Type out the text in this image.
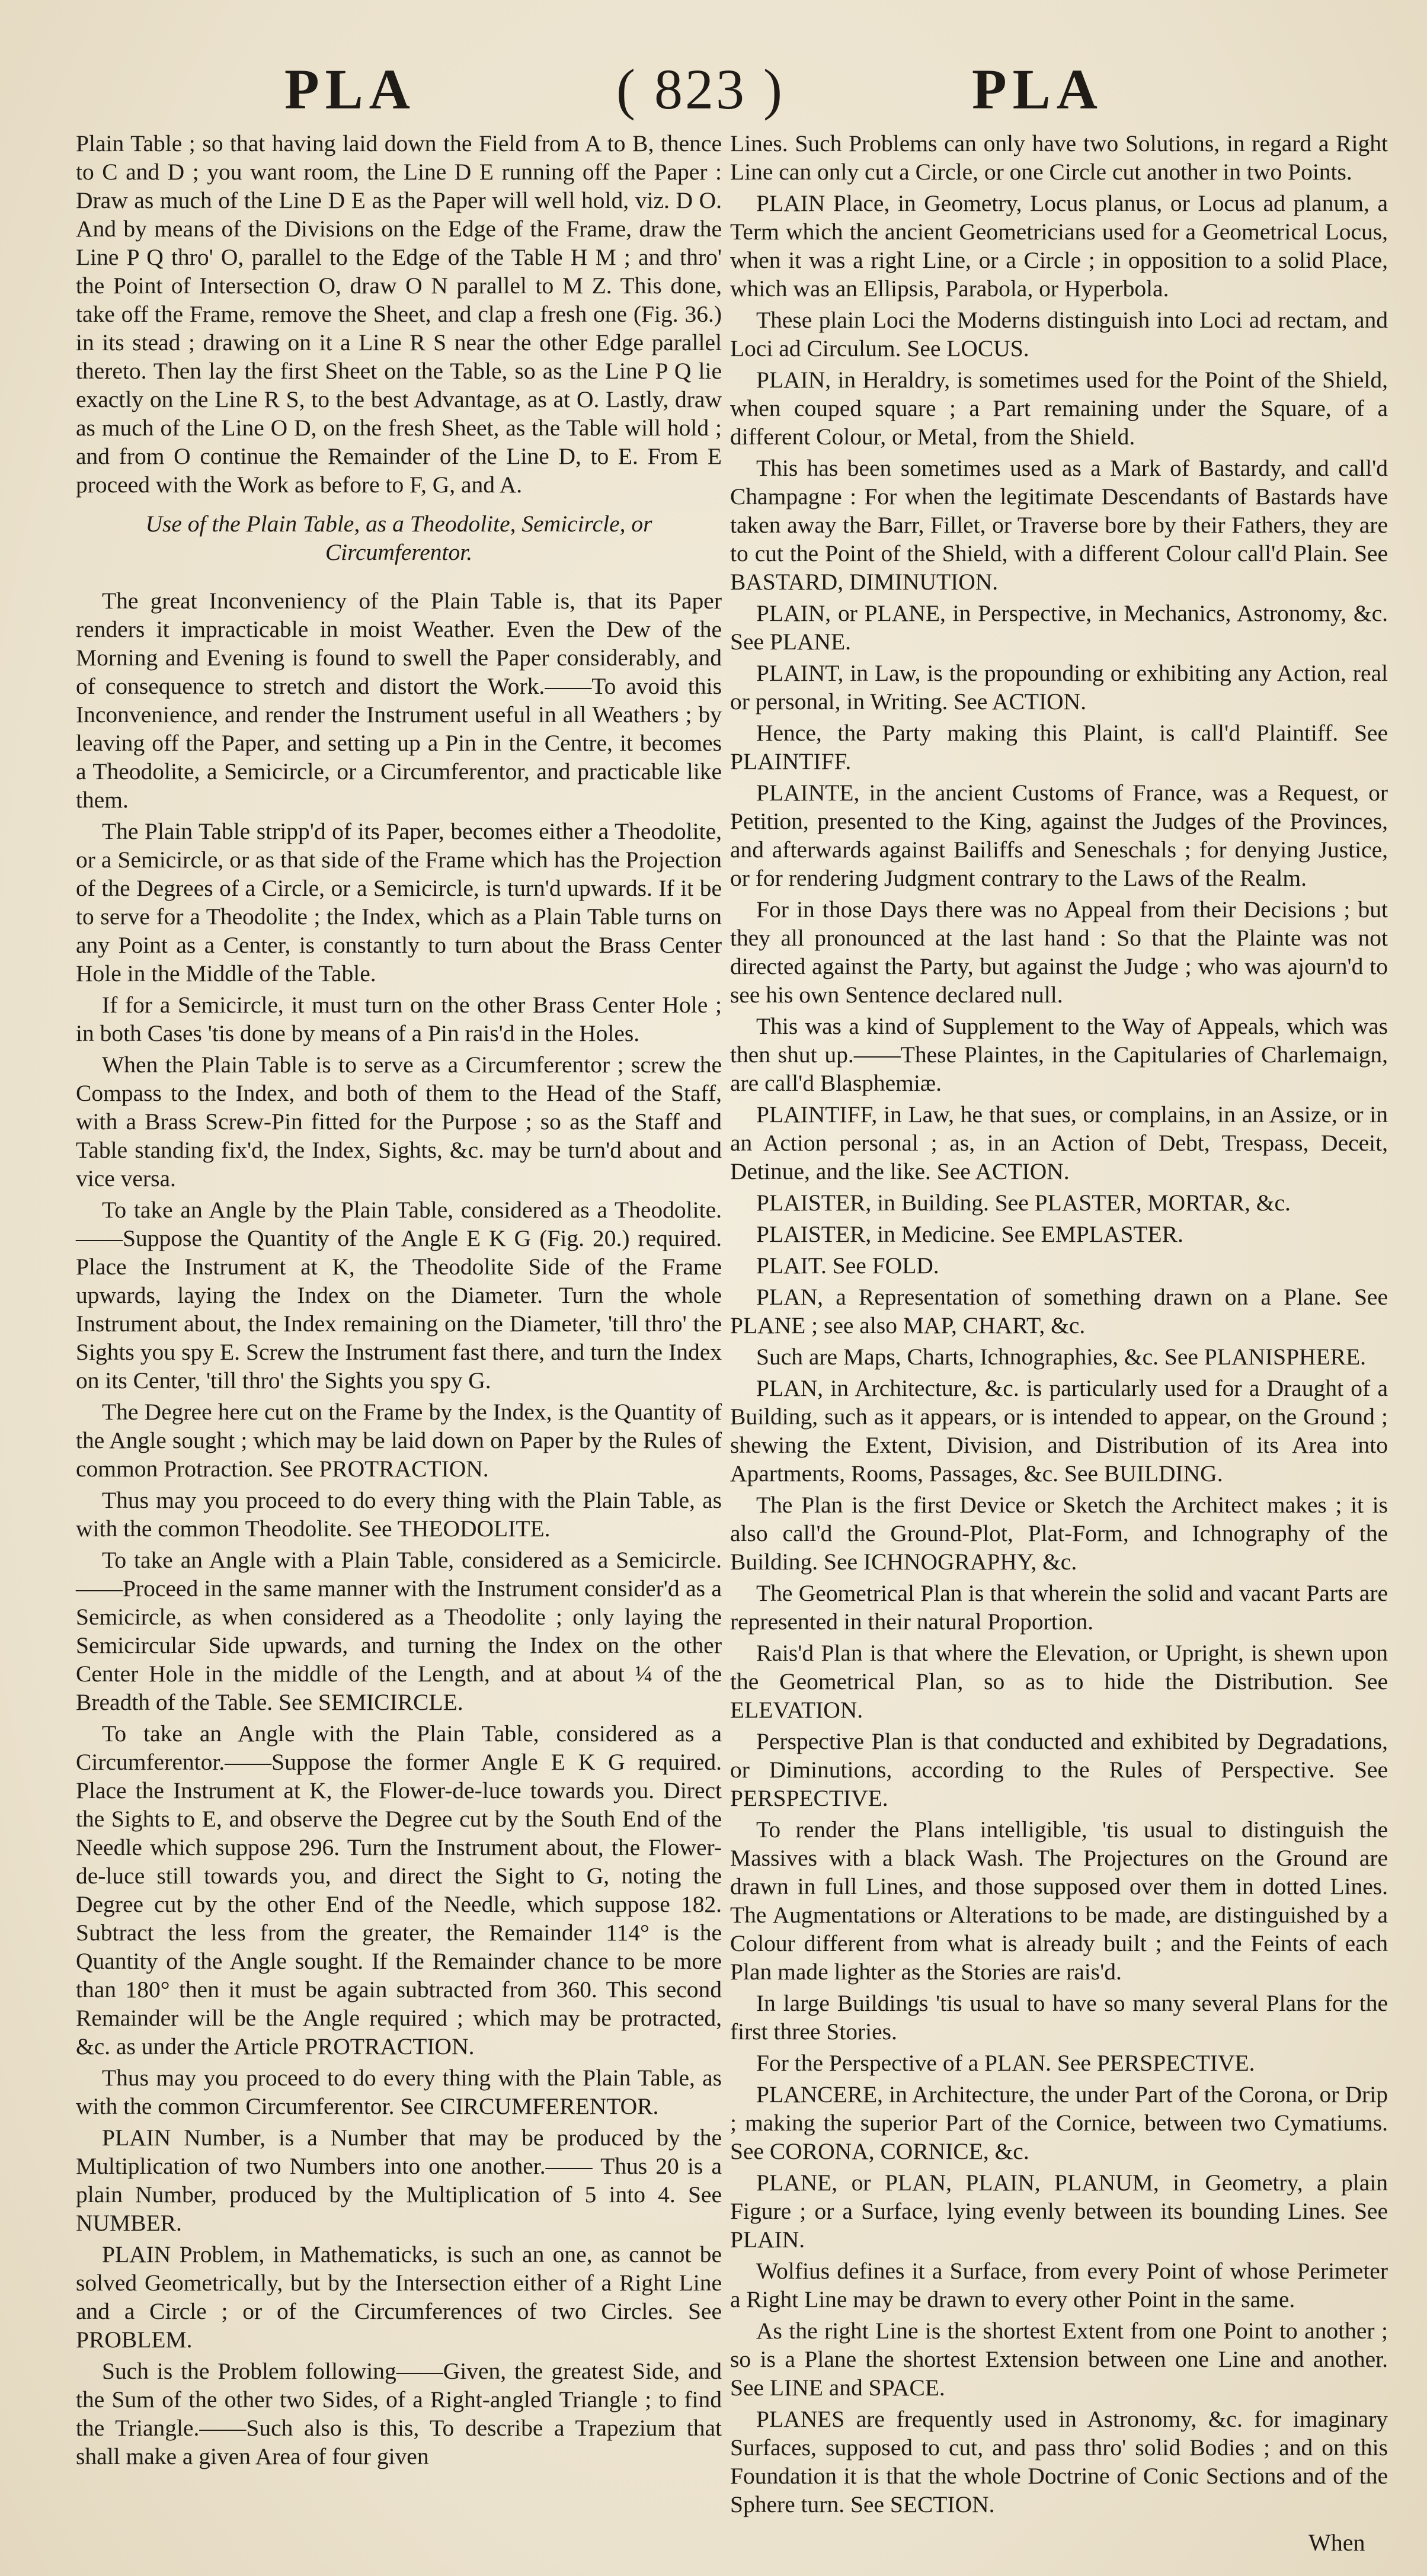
PLA	( 823 )	PLA

Plain Table ; so that having laid down the Field from A to B, thence to C and D ; you want room, the Line D E running off the Paper : Draw as much of the Line D E as the Paper will well hold, viz. D O. And by means of the Divisions on the Edge of the Frame, draw the Line P Q thro' O, parallel to the Edge of the Table H M ; and thro' the Point of Intersection O, draw O N parallel to M Z. This done, take off the Frame, remove the Sheet, and clap a fresh one (Fig. 36.) in its stead ; drawing on it a Line R S near the other Edge parallel thereto. Then lay the first Sheet on the Table, so as the Line P Q lie exactly on the Line R S, to the best Advantage, as at O. Lastly, draw as much of the Line O D, on the fresh Sheet, as the Table will hold ; and from O continue the Remainder of the Line D, to E. From E proceed with the Work as before to F, G, and A.

Use of the Plain Table, as a Theodolite, Semicircle, or Circumferentor.

The great Inconveniency of the Plain Table is, that its Paper renders it impracticable in moist Weather. Even the Dew of the Morning and Evening is found to swell the Paper considerably, and of consequence to stretch and distort the Work.——To avoid this Inconvenience, and render the Instrument useful in all Weathers ; by leaving off the Paper, and setting up a Pin in the Centre, it becomes a Theodolite, a Semicircle, or a Circumferentor, and practicable like them.

The Plain Table stripp'd of its Paper, becomes either a Theodolite, or a Semicircle, or as that side of the Frame which has the Projection of the Degrees of a Circle, or a Semicircle, is turn'd upwards. If it be to serve for a Theodolite ; the Index, which as a Plain Table turns on any Point as a Center, is constantly to turn about the Brass Center Hole in the Middle of the Table.

If for a Semicircle, it must turn on the other Brass Center Hole ; in both Cases 'tis done by means of a Pin rais'd in the Holes.

When the Plain Table is to serve as a Circumferentor ; screw the Compass to the Index, and both of them to the Head of the Staff, with a Brass Screw-Pin fitted for the Purpose ; so as the Staff and Table standing fix'd, the Index, Sights, &c. may be turn'd about and vice versa.

To take an Angle by the Plain Table, considered as a Theodolite.——Suppose the Quantity of the Angle E K G (Fig. 20.) required. Place the Instrument at K, the Theodolite Side of the Frame upwards, laying the Index on the Diameter. Turn the whole Instrument about, the Index remaining on the Diameter, 'till thro' the Sights you spy E. Screw the Instrument fast there, and turn the Index on its Center, 'till thro' the Sights you spy G.

The Degree here cut on the Frame by the Index, is the Quantity of the Angle sought ; which may be laid down on Paper by the Rules of common Protraction. See PROTRACTION.

Thus may you proceed to do every thing with the Plain Table, as with the common Theodolite. See THEODOLITE.

To take an Angle with a Plain Table, considered as a Semicircle.——Proceed in the same manner with the Instrument consider'd as a Semicircle, as when considered as a Theodolite ; only laying the Semicircular Side upwards, and turning the Index on the other Center Hole in the middle of the Length, and at about ¼ of the Breadth of the Table. See SEMICIRCLE.

To take an Angle with the Plain Table, considered as a Circumferentor.——Suppose the former Angle E K G required. Place the Instrument at K, the Flower-de-luce towards you. Direct the Sights to E, and observe the Degree cut by the South End of the Needle which suppose 296. Turn the Instrument about, the Flower-de-luce still towards you, and direct the Sight to G, noting the Degree cut by the other End of the Needle, which suppose 182. Subtract the less from the greater, the Remainder 114° is the Quantity of the Angle sought. If the Remainder chance to be more than 180° then it must be again subtracted from 360. This second Remainder will be the Angle required ; which may be protracted, &c. as under the Article PROTRACTION.

Thus may you proceed to do every thing with the Plain Table, as with the common Circumferentor. See CIRCUMFERENTOR.

PLAIN Number, is a Number that may be produced by the Multiplication of two Numbers into one another.—— Thus 20 is a plain Number, produced by the Multiplication of 5 into 4. See NUMBER.

PLAIN Problem, in Mathematicks, is such an one, as cannot be solved Geometrically, but by the Intersection either of a Right Line and a Circle ; or of the Circumferences of two Circles. See PROBLEM.

Such is the Problem following——Given, the greatest Side, and the Sum of the other two Sides, of a Right-angled Triangle ; to find the Triangle.——Such also is this, To describe a Trapezium that shall make a given Area of four given

Lines. Such Problems can only have two Solutions, in regard a Right Line can only cut a Circle, or one Circle cut another in two Points.

PLAIN Place, in Geometry, Locus planus, or Locus ad planum, a Term which the ancient Geometricians used for a Geometrical Locus, when it was a right Line, or a Circle ; in opposition to a solid Place, which was an Ellipsis, Parabola, or Hyperbola.

These plain Loci the Moderns distinguish into Loci ad rectam, and Loci ad Circulum. See LOCUS.

PLAIN, in Heraldry, is sometimes used for the Point of the Shield, when couped square ; a Part remaining under the Square, of a different Colour, or Metal, from the Shield.

This has been sometimes used as a Mark of Bastardy, and call'd Champagne : For when the legitimate Descendants of Bastards have taken away the Barr, Fillet, or Traverse bore by their Fathers, they are to cut the Point of the Shield, with a different Colour call'd Plain. See BASTARD, DIMINUTION.

PLAIN, or PLANE, in Perspective, in Mechanics, Astronomy, &c. See PLANE.

PLAINT, in Law, is the propounding or exhibiting any Action, real or personal, in Writing. See ACTION.

Hence, the Party making this Plaint, is call'd Plaintiff. See PLAINTIFF.

PLAINTE, in the ancient Customs of France, was a Request, or Petition, presented to the King, against the Judges of the Provinces, and afterwards against Bailiffs and Seneschals ; for denying Justice, or for rendering Judgment contrary to the Laws of the Realm.

For in those Days there was no Appeal from their Decisions ; but they all pronounced at the last hand : So that the Plainte was not directed against the Party, but against the Judge ; who was ajourn'd to see his own Sentence declared null.

This was a kind of Supplement to the Way of Appeals, which was then shut up.——These Plaintes, in the Capitularies of Charlemaign, are call'd Blasphemiæ.

PLAINTIFF, in Law, he that sues, or complains, in an Assize, or in an Action personal ; as, in an Action of Debt, Trespass, Deceit, Detinue, and the like. See ACTION.

PLAISTER, in Building. See PLASTER, MORTAR, &c.

PLAISTER, in Medicine. See EMPLASTER.

PLAIT. See FOLD.

PLAN, a Representation of something drawn on a Plane. See PLANE ; see also MAP, CHART, &c.

Such are Maps, Charts, Ichnographies, &c. See PLANISPHERE.

PLAN, in Architecture, &c. is particularly used for a Draught of a Building, such as it appears, or is intended to appear, on the Ground ; shewing the Extent, Division, and Distribution of its Area into Apartments, Rooms, Passages, &c. See BUILDING.

The Plan is the first Device or Sketch the Architect makes ; it is also call'd the Ground-Plot, Plat-Form, and Ichnography of the Building. See ICHNOGRAPHY, &c.

The Geometrical Plan is that wherein the solid and vacant Parts are represented in their natural Proportion.

Rais'd Plan is that where the Elevation, or Upright, is shewn upon the Geometrical Plan, so as to hide the Distribution. See ELEVATION.

Perspective Plan is that conducted and exhibited by Degradations, or Diminutions, according to the Rules of Perspective. See PERSPECTIVE.

To render the Plans intelligible, 'tis usual to distinguish the Massives with a black Wash. The Projectures on the Ground are drawn in full Lines, and those supposed over them in dotted Lines. The Augmentations or Alterations to be made, are distinguished by a Colour different from what is already built ; and the Feints of each Plan made lighter as the Stories are rais'd.

In large Buildings 'tis usual to have so many several Plans for the first three Stories.

For the Perspective of a PLAN. See PERSPECTIVE.

PLANCERE, in Architecture, the under Part of the Corona, or Drip ; making the superior Part of the Cornice, between two Cymatiums. See CORONA, CORNICE, &c.

PLANE, or PLAN, PLAIN, PLANUM, in Geometry, a plain Figure ; or a Surface, lying evenly between its bounding Lines. See PLAIN.

Wolfius defines it a Surface, from every Point of whose Perimeter a Right Line may be drawn to every other Point in the same.

As the right Line is the shortest Extent from one Point to another ; so is a Plane the shortest Extension between one Line and another. See LINE and SPACE.

PLANES are frequently used in Astronomy, &c. for imaginary Surfaces, supposed to cut, and pass thro' solid Bodies ; and on this Foundation it is that the whole Doctrine of Conic Sections and of the Sphere turn. See SECTION.

When
